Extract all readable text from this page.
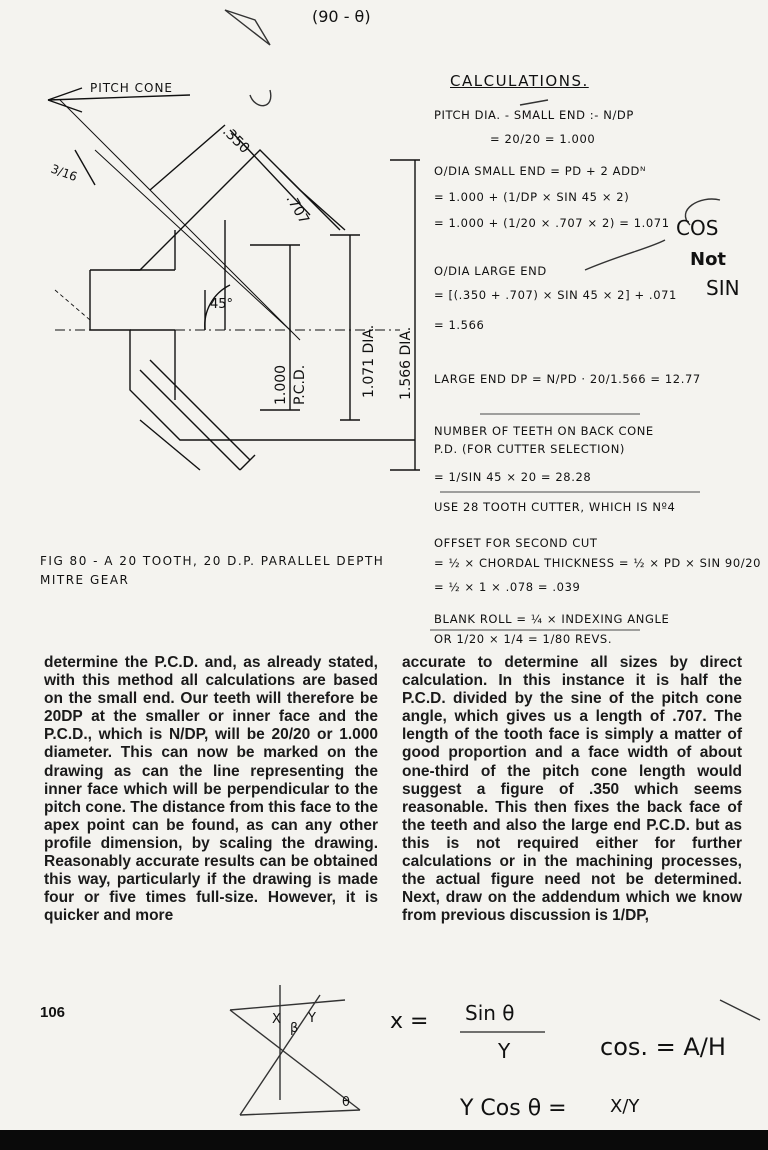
PITCH CONE
.350
.707
3/16
45°
1.000 P.C.D.	1.071 DIA. 1.566 DIA.
(90 - θ)
COS
Not
SIN
X
β
Y
θ
x = Sin θ
Y
Y Cos θ = X/Y
cos. = A/H
FIG 80 - A 20 TOOTH, 20 D.P. PARALLEL DEPTH MITRE GEAR
CALCULATIONS.
PITCH DIA. - SMALL END :- N/DP
= 20/20 = 1.000
O/DIA SMALL END = PD + 2 ADDᴺ
= 1.000 + (1/DP × SIN 45 × 2)
= 1.000 + (1/20 × .707 × 2) = 1.071
O/DIA LARGE END
= [(.350 + .707) × SIN 45 × 2] + .071
= 1.566
LARGE END DP = N/PD · 20/1.566 = 12.77
NUMBER OF TEETH ON BACK CONE
P.D. (FOR CUTTER SELECTION)
= 1/SIN 45 × 20 = 28.28
USE 28 TOOTH CUTTER, WHICH IS Nº4
OFFSET FOR SECOND CUT
= ½ × CHORDAL THICKNESS = ½ × PD × SIN 90/20
= ½ × 1 × .078 = .039
BLANK ROLL = ¼ × INDEXING ANGLE
OR 1/20 × 1/4 = 1/80 REVS.

determine the P.C.D. and, as already stated, with this method all calculations are based on the small end. Our teeth will therefore be 20DP at the smaller or inner face and the P.C.D., which is N/DP, will be 20/20 or 1.000 diameter. This can now be marked on the drawing as can the line representing the inner face which will be perpendicular to the pitch cone. The distance from this face to the apex point can be found, as can any other profile dimension, by scaling the drawing. Reasonably accurate results can be obtained this way, particularly if the drawing is made four or five times full-size. However, it is quicker and more

accurate to determine all sizes by direct calculation. In this instance it is half the P.C.D. divided by the sine of the pitch cone angle, which gives us a length of .707. The length of the tooth face is simply a matter of good proportion and a face width of about one-third of the pitch cone length would suggest a figure of .350 which seems reasonable. This then fixes the back face of the teeth and also the large end P.C.D. but as this is not required either for further calculations or in the machining processes, the actual figure need not be determined. Next, draw on the addendum which we know from previous discussion is 1/DP,

106
